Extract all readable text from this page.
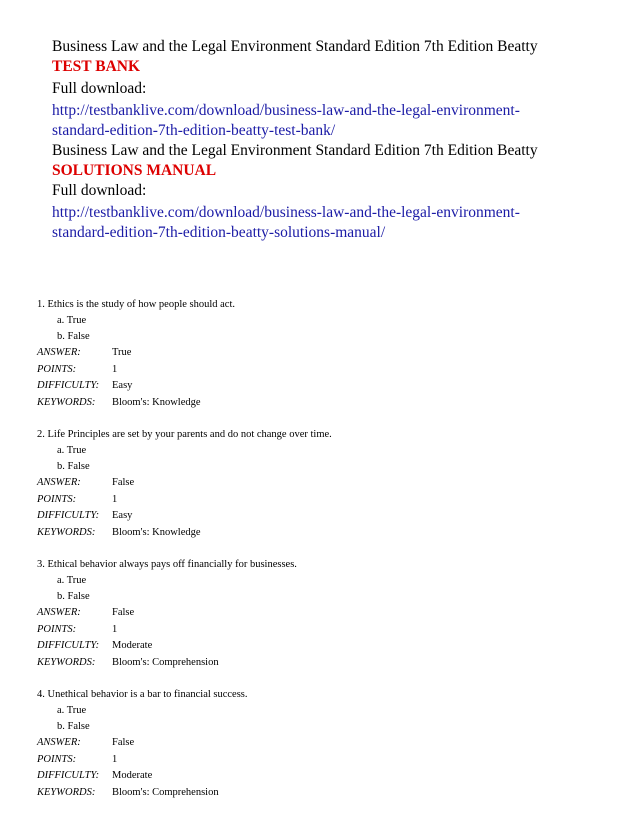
Business Law and the Legal Environment Standard Edition 7th Edition Beatty
TEST BANK
Full download:
http://testbanklive.com/download/business-law-and-the-legal-environment-
standard-edition-7th-edition-beatty-test-bank/
Business Law and the Legal Environment Standard Edition 7th Edition Beatty
SOLUTIONS MANUAL
Full download:
http://testbanklive.com/download/business-law-and-the-legal-environment-
standard-edition-7th-edition-beatty-solutions-manual/
1. Ethics is the study of how people should act.
a. True
b. False
ANSWER:	True
POINTS:	1
DIFFICULTY:	Easy
KEYWORDS:	Bloom's: Knowledge
2. Life Principles are set by your parents and do not change over time.
a. True
b. False
ANSWER:	False
POINTS:	1
DIFFICULTY:	Easy
KEYWORDS:	Bloom's: Knowledge
3. Ethical behavior always pays off financially for businesses.
a. True
b. False
ANSWER:	False
POINTS:	1
DIFFICULTY:	Moderate
KEYWORDS:	Bloom's: Comprehension
4. Unethical behavior is a bar to financial success.
a. True
b. False
ANSWER:	False
POINTS:	1
DIFFICULTY:	Moderate
KEYWORDS:	Bloom's: Comprehension
